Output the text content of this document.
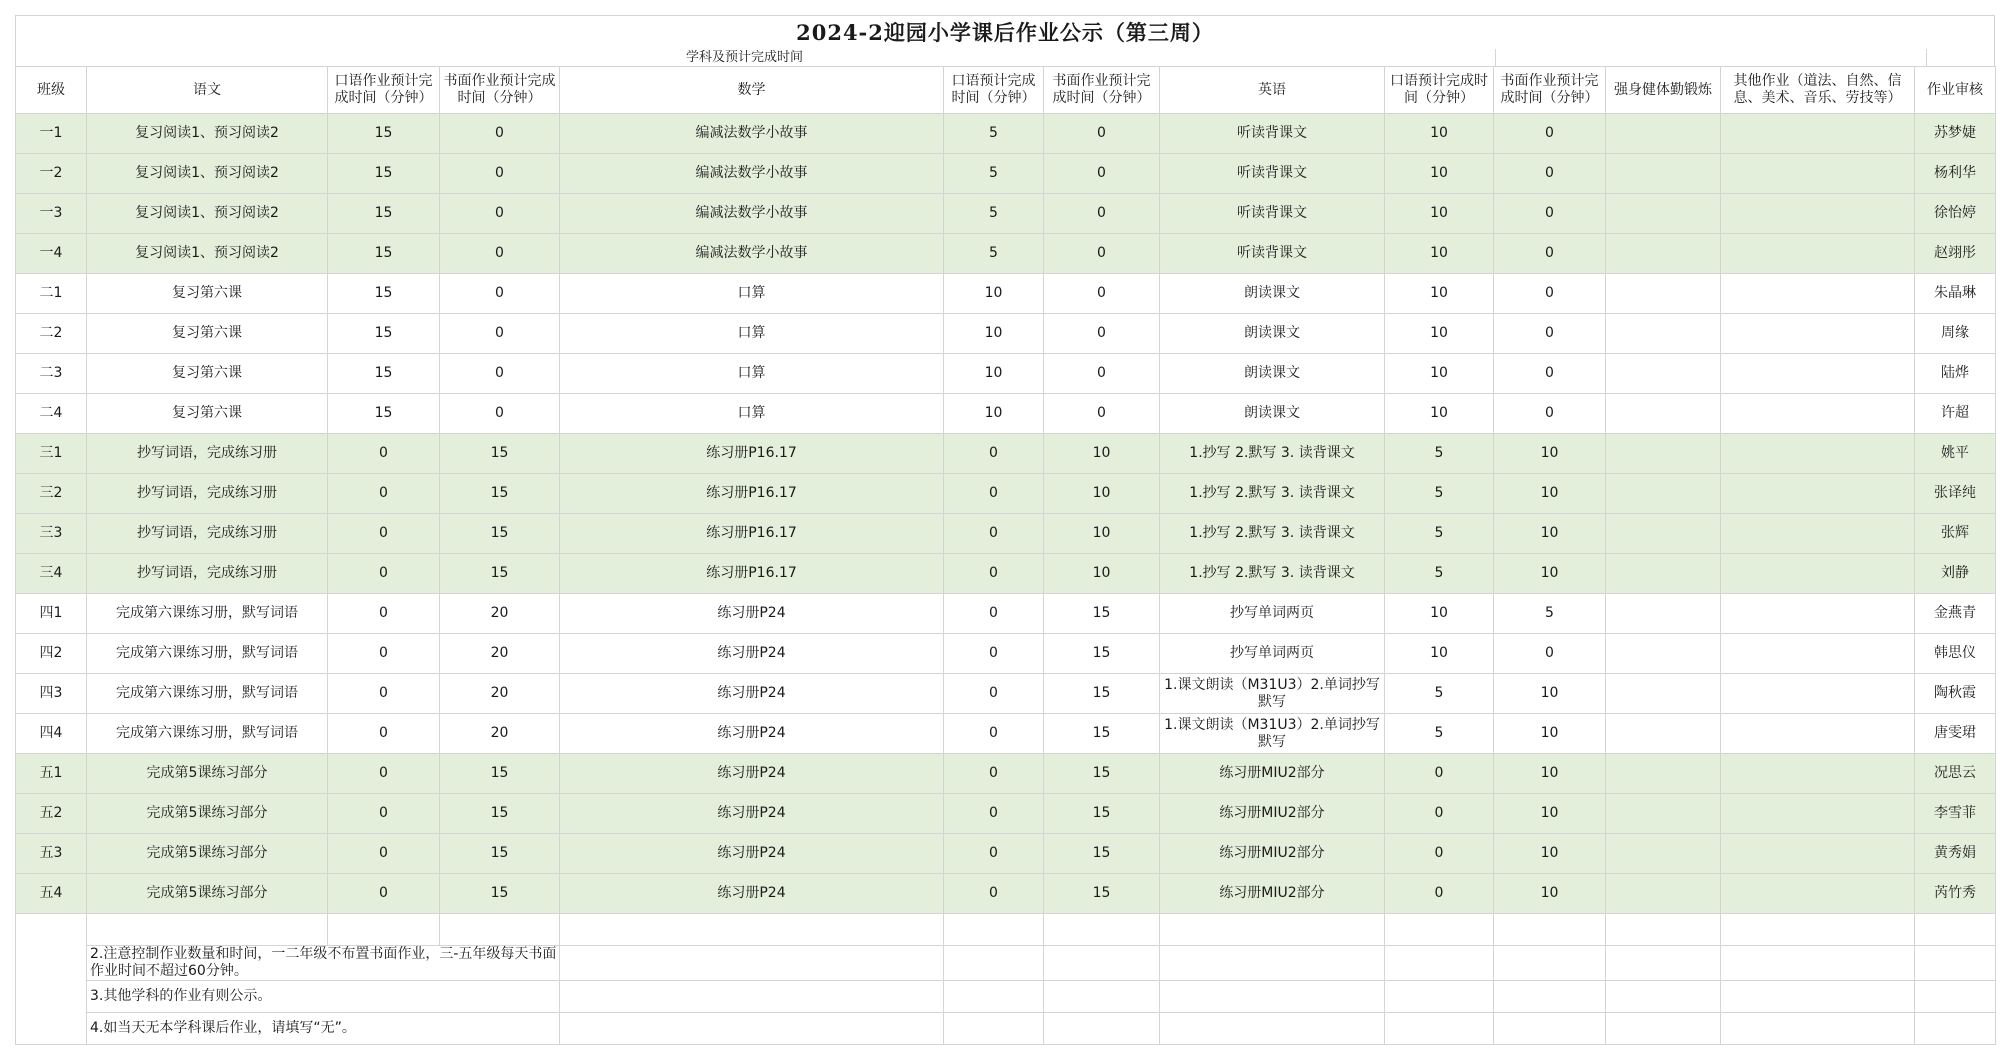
2024-2迎园小学课后作业公示（第三周）
学科及预计完成时间
班级	语文	口语作业预计完成时间（分钟）	书面作业预计完成时间（分钟）	数学	口语预计完成时间（分钟）	书面作业预计完成时间（分钟）	英语	口语预计完成时间（分钟）	书面作业预计完成时间（分钟）	强身健体勤锻炼	其他作业（道法、自然、信息、美术、音乐、劳技等）	作业审核
一1	复习阅读1、预习阅读2	15	0	编减法数学小故事	5	0	听读背课文	10	0			苏梦婕
一2	复习阅读1、预习阅读2	15	0	编减法数学小故事	5	0	听读背课文	10	0			杨利华
一3	复习阅读1、预习阅读2	15	0	编减法数学小故事	5	0	听读背课文	10	0			徐怡婷
一4	复习阅读1、预习阅读2	15	0	编减法数学小故事	5	0	听读背课文	10	0			赵翊彤
二1	复习第六课	15	0	口算	10	0	朗读课文	10	0			朱晶琳
二2	复习第六课	15	0	口算	10	0	朗读课文	10	0			周缘
二3	复习第六课	15	0	口算	10	0	朗读课文	10	0			陆烨
二4	复习第六课	15	0	口算	10	0	朗读课文	10	0			许超
三1	抄写词语，完成练习册	0	15	练习册P16.17	0	10	1.抄写 2.默写 3. 读背课文	5	10			姚平
三2	抄写词语，完成练习册	0	15	练习册P16.17	0	10	1.抄写 2.默写 3. 读背课文	5	10			张译纯
三3	抄写词语，完成练习册	0	15	练习册P16.17	0	10	1.抄写 2.默写 3. 读背课文	5	10			张辉
三4	抄写词语，完成练习册	0	15	练习册P16.17	0	10	1.抄写 2.默写 3. 读背课文	5	10			刘静
四1	完成第六课练习册，默写词语	0	20	练习册P24	0	15	抄写单词两页	10	5			金燕青
四2	完成第六课练习册，默写词语	0	20	练习册P24	0	15	抄写单词两页	10	0			韩思仪
四3	完成第六课练习册，默写词语	0	20	练习册P24	0	15	1.课文朗读（M31U3）2.单词抄写默写	5	10			陶秋霞
四4	完成第六课练习册，默写词语	0	20	练习册P24	0	15	1.课文朗读（M31U3）2.单词抄写默写	5	10			唐雯珺
五1	完成第5课练习部分	0	15	练习册P24	0	15	练习册MIU2部分	0	10			况思云
五2	完成第5课练习部分	0	15	练习册P24	0	15	练习册MIU2部分	0	10			李雪菲
五3	完成第5课练习部分	0	15	练习册P24	0	15	练习册MIU2部分	0	10			黄秀娟
五4	完成第5课练习部分	0	15	练习册P24	0	15	练习册MIU2部分	0	10			芮竹秀

	2.注意控制作业数量和时间，一二年级不布置书面作业，三-五年级每天书面作业时间不超过60分钟。											
	3.其他学科的作业有则公示。											
	4.如当天无本学科课后作业，请填写“无”。											
